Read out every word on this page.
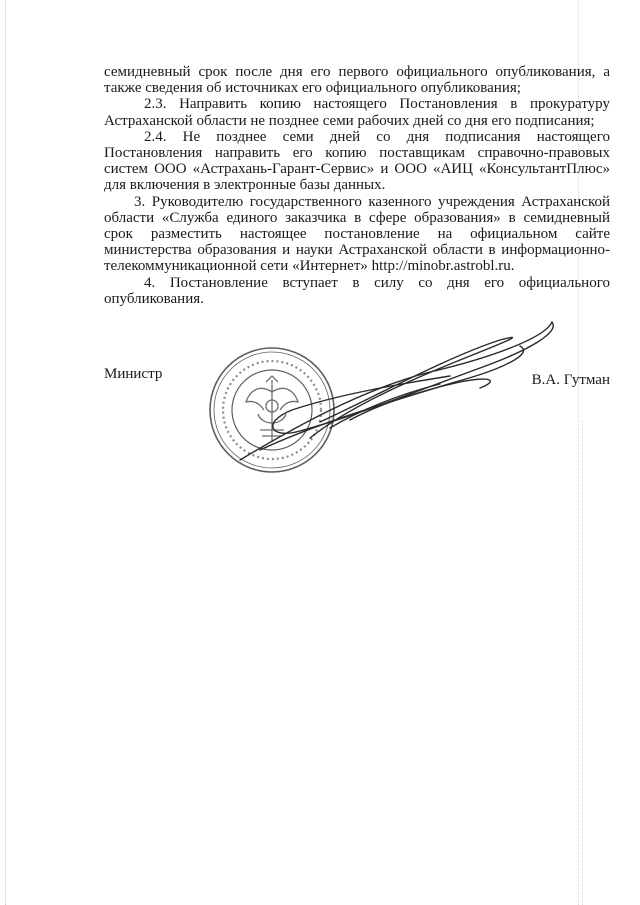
семидневный срок после дня его первого официального опубликования, а также сведения об источниках его официального опубликования;

2.3. Направить копию настоящего Постановления в прокуратуру Астраханской области не позднее семи рабочих дней со дня его подписания;

2.4. Не позднее семи дней со дня подписания настоящего Постановления направить его копию поставщикам справочно-правовых систем ООО «Астрахань-Гарант-Сервис» и ООО «АИЦ «КонсультантПлюс» для включения в электронные базы данных.

3. Руководителю государственного казенного учреждения Астраханской области «Служба единого заказчика в сфере образования» в семидневный срок разместить настоящее постановление на официальном сайте министерства образования и науки Астраханской области в информационно-телекоммуникационной сети «Интернет» http://minobr.astrobl.ru.

4. Постановление вступает в силу со дня его официального опубликования.

Министр	В.А. Гутман
